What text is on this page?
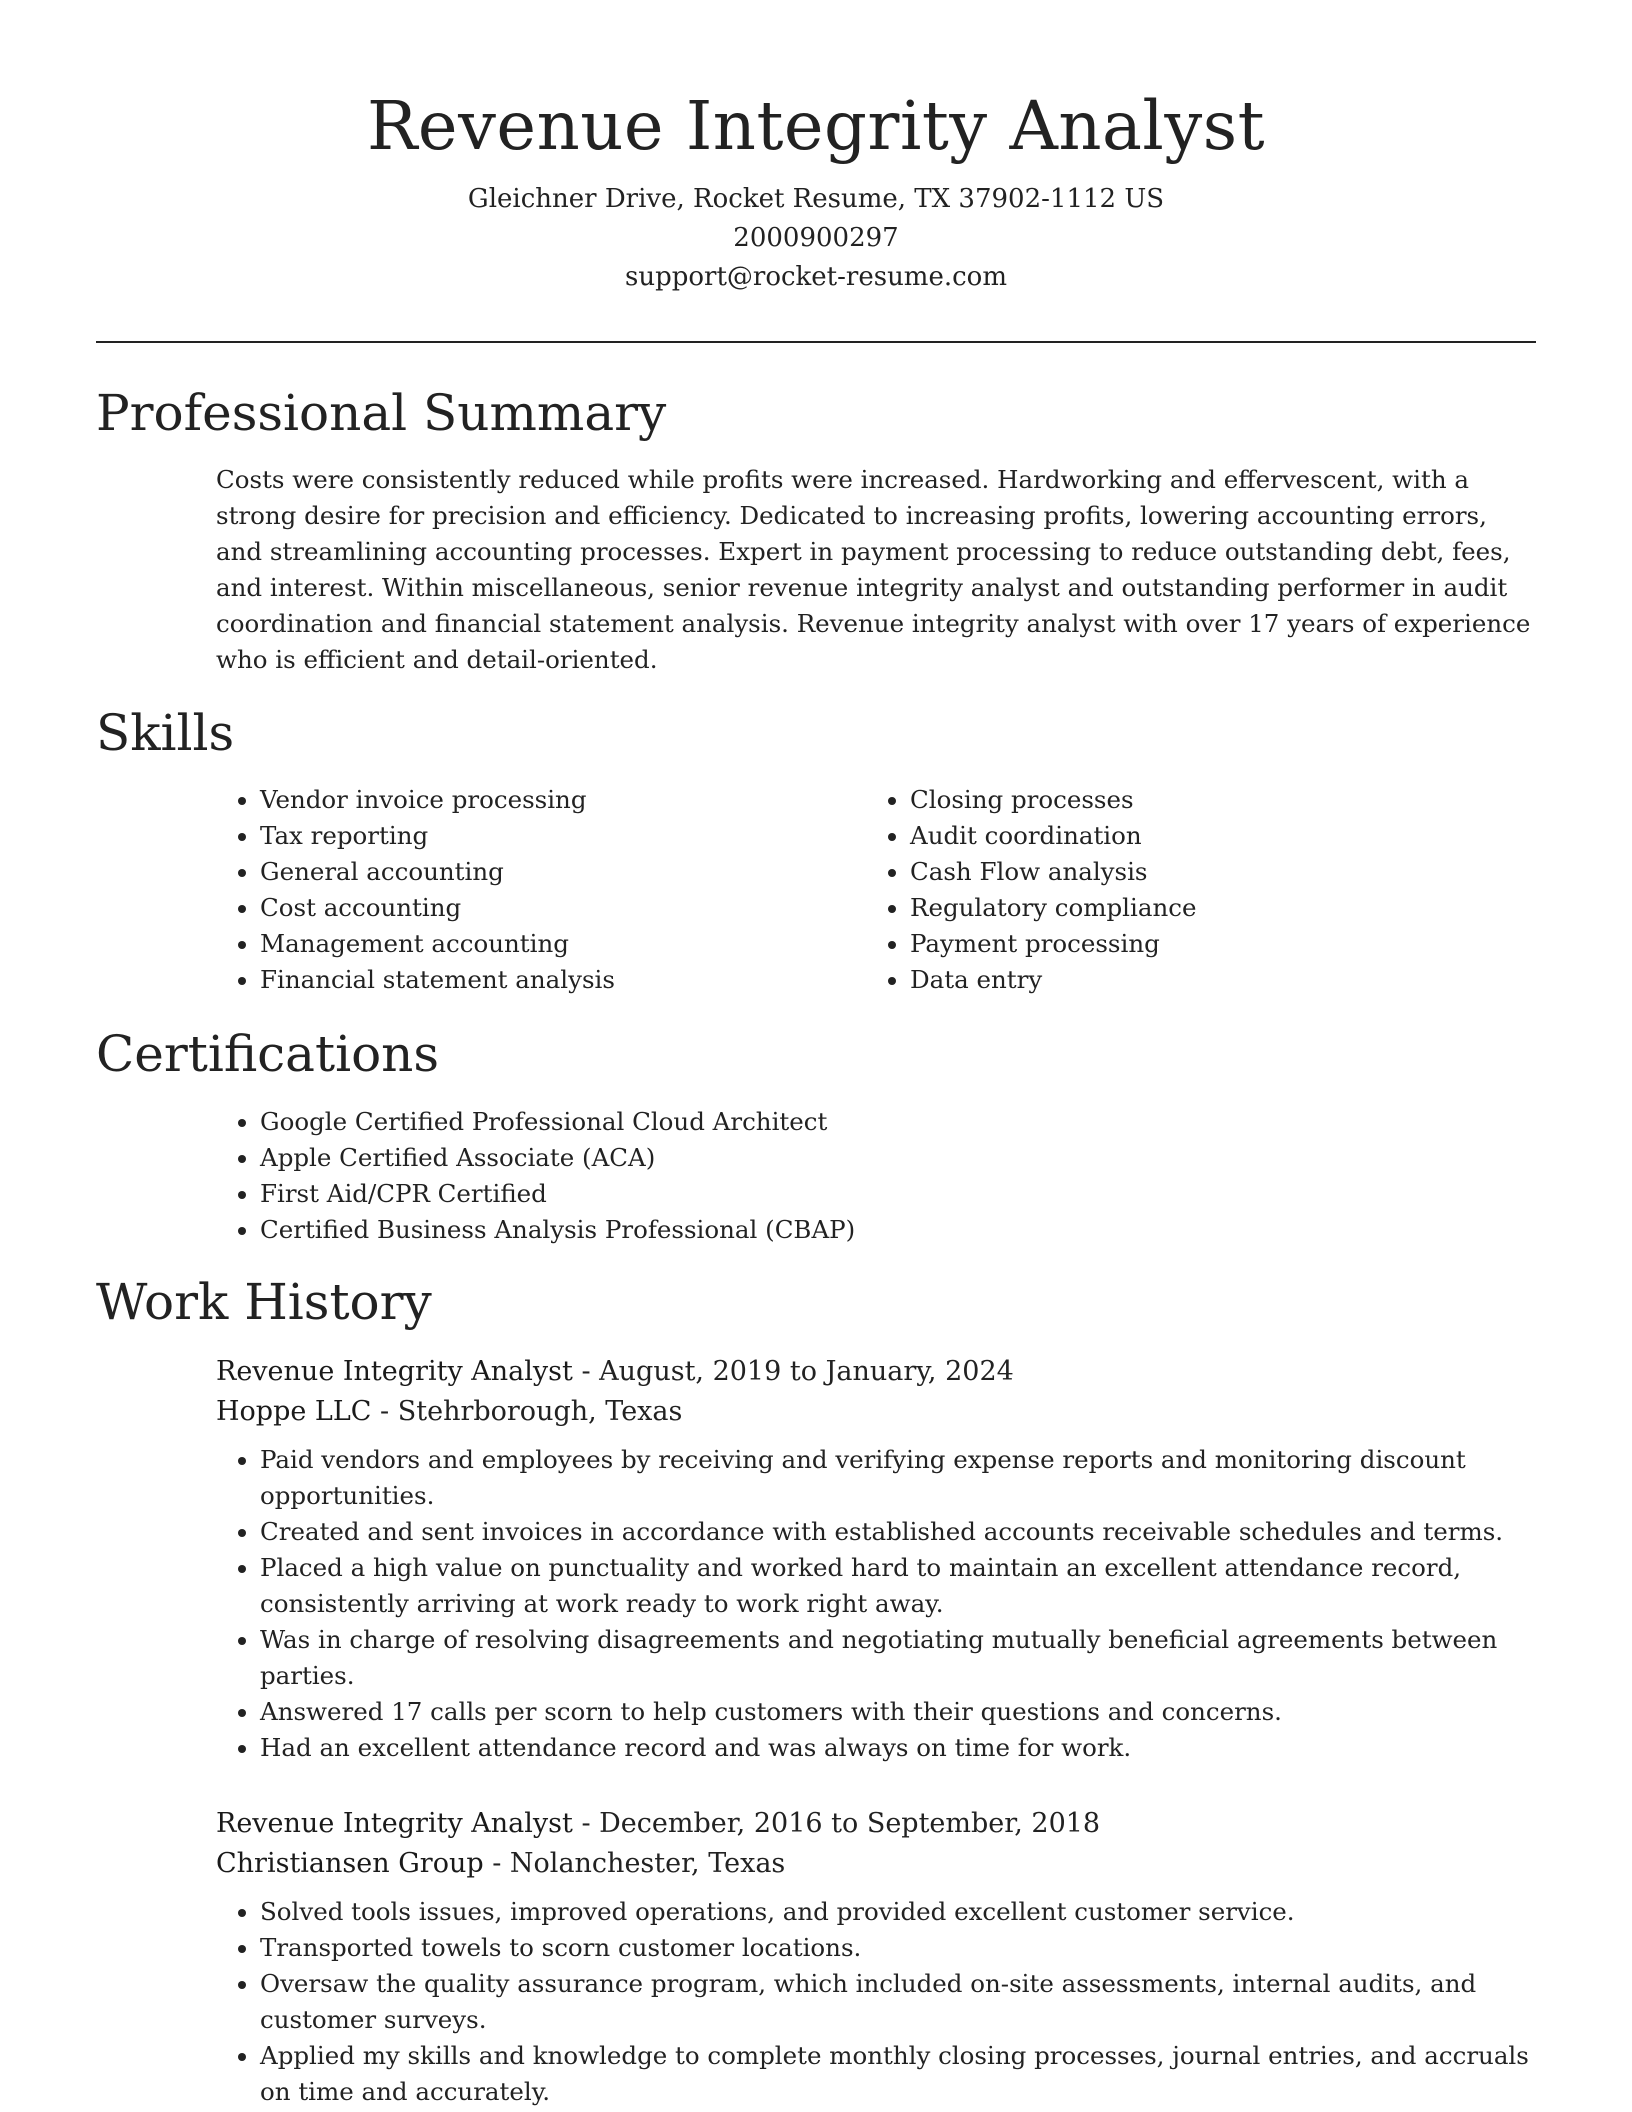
Revenue Integrity Analyst
Gleichner Drive, Rocket Resume, TX 37902-1112 US
2000900297
support@rocket-resume.com
Professional Summary

Costs were consistently reduced while profits were increased. Hardworking and effervescent, with a strong desire for precision and efficiency. Dedicated to increasing profits, lowering accounting errors, and streamlining accounting processes. Expert in payment processing to reduce outstanding debt, fees, and interest. Within miscellaneous, senior revenue integrity analyst and outstanding performer in audit coordination and financial statement analysis. Revenue integrity analyst with over 17 years of experience who is efficient and detail-oriented.

Skills
• Vendor invoice processing
• Tax reporting
• General accounting
• Cost accounting
• Management accounting
• Financial statement analysis
• Closing processes
• Audit coordination
• Cash Flow analysis
• Regulatory compliance
• Payment processing
• Data entry
Certifications
• Google Certified Professional Cloud Architect
• Apple Certified Associate (ACA)
• First Aid/CPR Certified
• Certified Business Analysis Professional (CBAP)
Work History
Revenue Integrity Analyst - August, 2019 to January, 2024
Hoppe LLC - Stehrborough, Texas
• Paid vendors and employees by receiving and verifying expense reports and monitoring discount opportunities.
• Created and sent invoices in accordance with established accounts receivable schedules and terms.
• Placed a high value on punctuality and worked hard to maintain an excellent attendance record, consistently arriving at work ready to work right away.
• Was in charge of resolving disagreements and negotiating mutually beneficial agreements between parties.
• Answered 17 calls per scorn to help customers with their questions and concerns.
• Had an excellent attendance record and was always on time for work.
Revenue Integrity Analyst - December, 2016 to September, 2018
Christiansen Group - Nolanchester, Texas
• Solved tools issues, improved operations, and provided excellent customer service.
• Transported towels to scorn customer locations.
• Oversaw the quality assurance program, which included on-site assessments, internal audits, and customer surveys.
• Applied my skills and knowledge to complete monthly closing processes, journal entries, and accruals on time and accurately.
